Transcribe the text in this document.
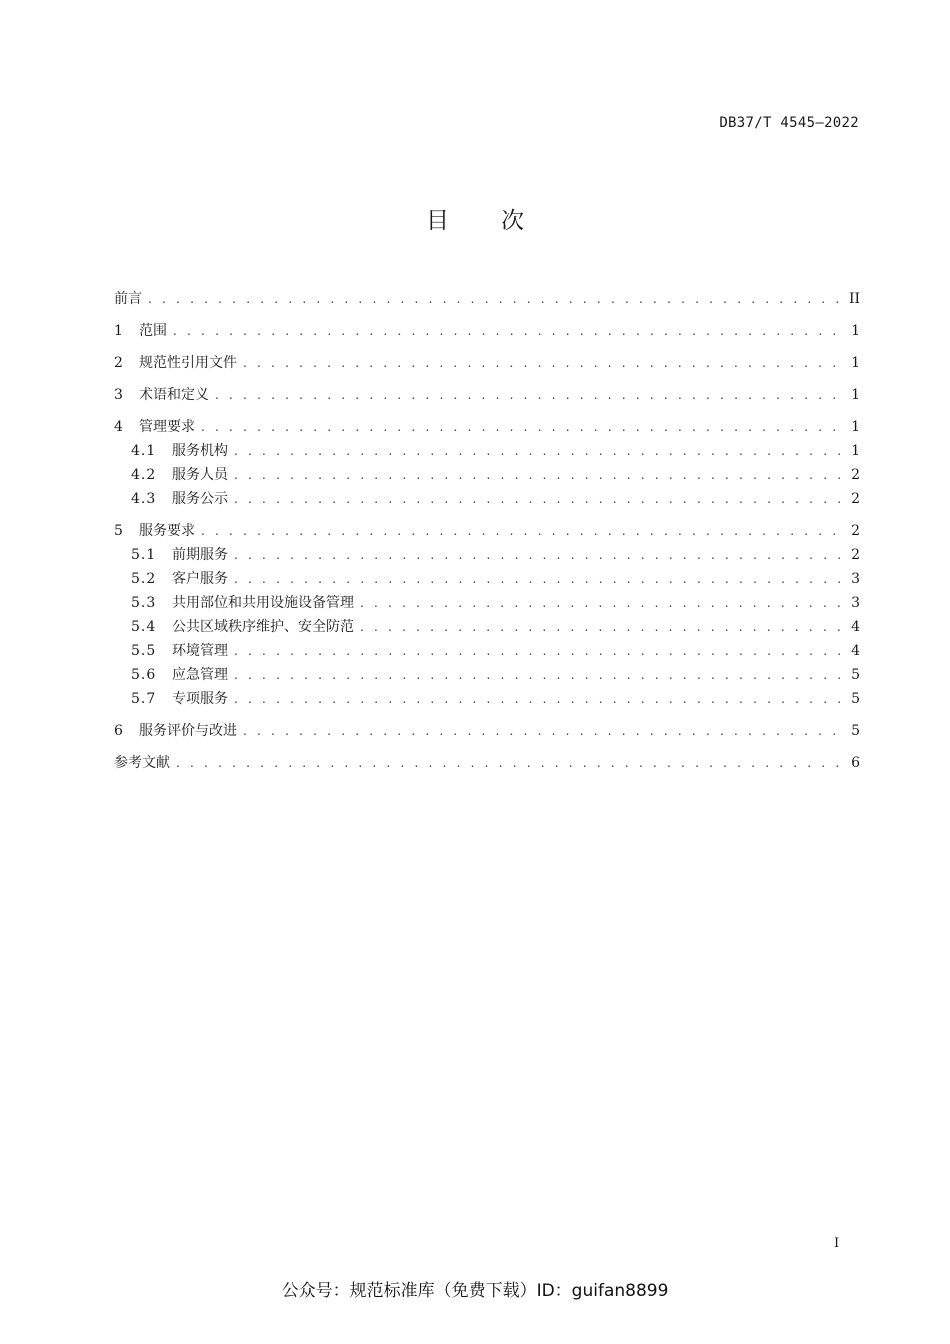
DB37/T 4545—2022
目 次
前言 . . .	II
1	范围 . . .	1
2	规范性引用文件 . . .	1
3	术语和定义 . . .	1
4	管理要求 . . .	1
4.1	服务机构 . . .	1
4.2	服务人员 . . .	2
4.3	服务公示 . . .	2
5	服务要求 . . .	2
5.1	前期服务 . . .	2
5.2	客户服务 . . .	3
5.3	共用部位和共用设施设备管理 . . .	3
5.4	公共区域秩序维护、安全防范 . . .	4
5.5	环境管理 . . .	4
5.6	应急管理 . . .	5
5.7	专项服务 . . .	5
6	服务评价与改进 . . .	5
参考文献 . . .	6
I
公众号：规范标准库（免费下载）ID：guifan8899
